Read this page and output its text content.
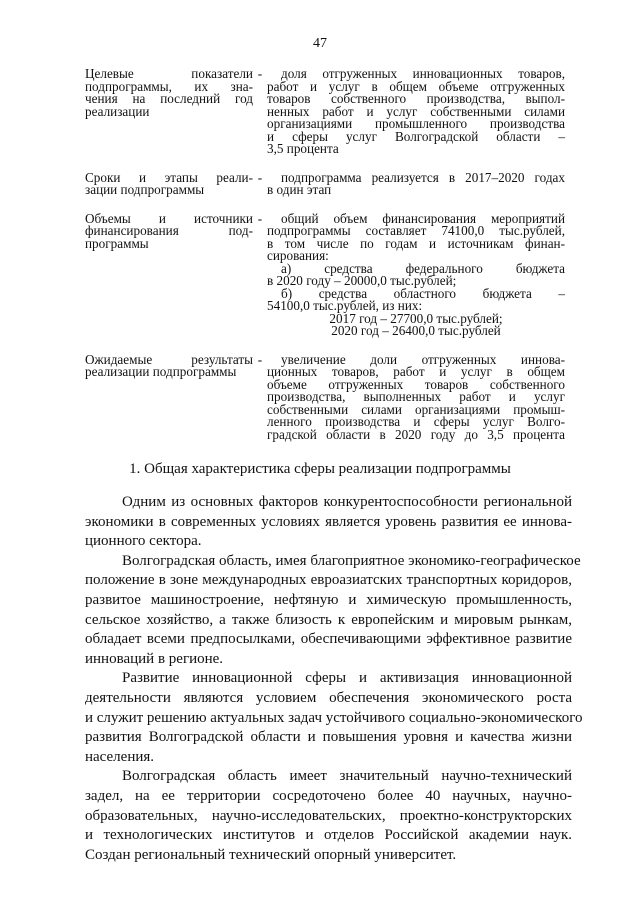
47
Целевые показатели
подпрограммы, их зна-
чения на последний год
реализации
-	доля отгруженных инновационных товаров,
работ и услуг в общем объеме отгруженных
товаров собственного производства, выпол-
ненных работ и услуг собственными силами
организациями промышленного производства
и сферы услуг Волгоградской области –
3,5 процента
Сроки и этапы реали-
зации подпрограммы
-	подпрограмма реализуется в 2017–2020 годах
в один этап
Объемы и источники
финансирования под-
программы
-	общий объем финансирования мероприятий
подпрограммы составляет 74100,0 тыс.рублей,
в том числе по годам и источникам финан-
сирования:
а) средства федерального бюджета
в 2020 году – 20000,0 тыс.рублей;
б) средства областного бюджета –
54100,0 тыс.рублей, из них:
2017 год – 27700,0 тыс.рублей;
2020 год – 26400,0 тыс.рублей
Ожидаемые результаты
реализации подпрограммы
-	увеличение доли отгруженных иннова-
ционных товаров, работ и услуг в общем
объеме отгруженных товаров собственного
производства, выполненных работ и услуг
собственными силами организациями промыш-
ленного производства и сферы услуг Волго-
градской области в 2020 году до 3,5 процента
1. Общая характеристика сферы реализации подпрограммы
Одним из основных факторов конкурентоспособности региональной
экономики в современных условиях является уровень развития ее иннова-
ционного сектора.
Волгоградская область, имея благоприятное экономико-географическое
положение в зоне международных евроазиатских транспортных коридоров,
развитое машиностроение, нефтяную и химическую промышленность,
сельское хозяйство, а также близость к европейским и мировым рынкам,
обладает всеми предпосылками, обеспечивающими эффективное развитие
инноваций в регионе.
Развитие инновационной сферы и активизация инновационной
деятельности являются условием обеспечения экономического роста
и служит решению актуальных задач устойчивого социально-экономического
развития Волгоградской области и повышения уровня и качества жизни
населения.
Волгоградская область имеет значительный научно-технический
задел, на ее территории сосредоточено более 40 научных, научно-
образовательных, научно-исследовательских, проектно-конструкторских
и технологических институтов и отделов Российской академии наук.
Создан региональный технический опорный университет.
